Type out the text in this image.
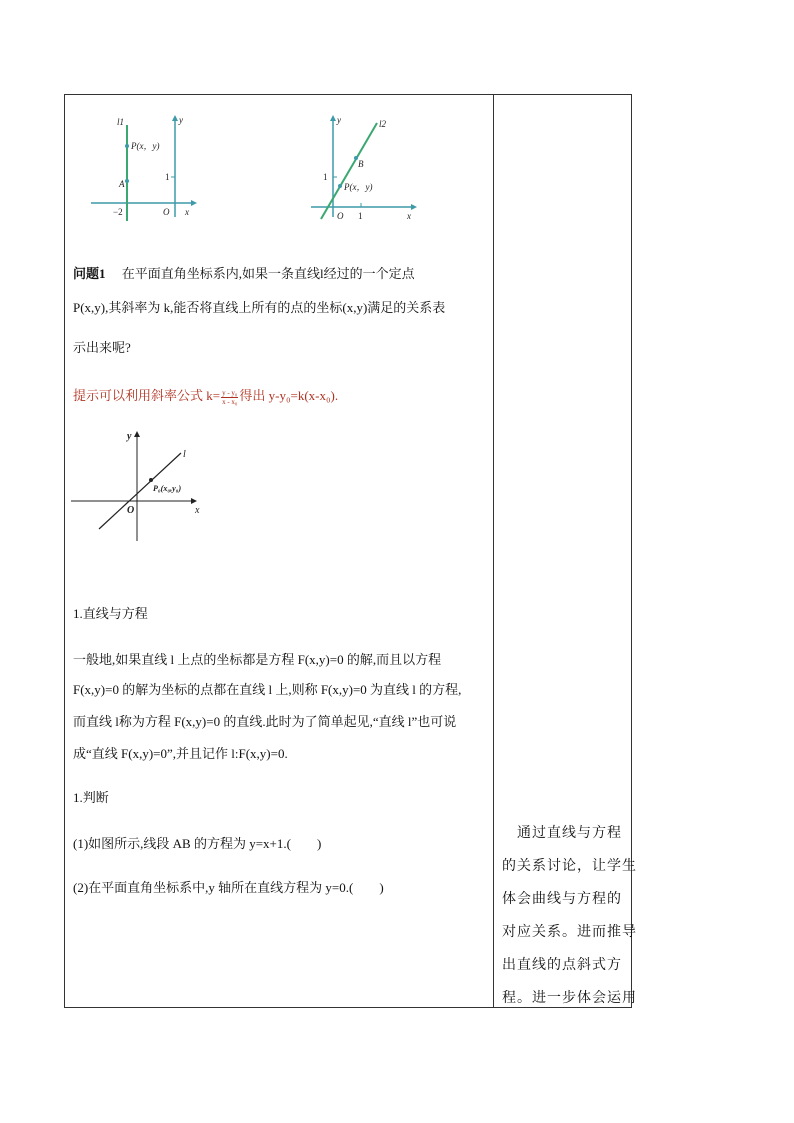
l1
P(x，y)
A
1
−2	O x
y	l2
B
P(x，y)
1
1
O	x
y
问题1　 在平面直角坐标系内,如果一条直线l经过的一个定点
P(x,y),其斜率为 k,能否将直线上所有的点的坐标(x,y)满足的关系表
示出来呢?
提示可以利用斜率公式 $k= \frac{\text{y - y₀}}{\text{x - x₀}}$ 得出 y-y₀=k(x-x₀).
l
P₀(x₀,y₀)
O	x
y
1.直线与方程
一般地,如果直线 l 上点的坐标都是方程 F(x,y)=0 的解,而且以方程
F(x,y)=0 的解为坐标的点都在直线 l 上,则称 F(x,y)=0 为直线 l 的方程,
而直线 l称为方程 F(x,y)=0 的直线.此时为了简单起见,“直线 l”也可说
成“直线 F(x,y)=0”,并且记作 l:F(x,y)=0.
1.判断
(1)如图所示,线段 AB 的方程为 y=x+1.(　　)
(2)在平面直角坐标系中,y 轴所在直线方程为 y=0.(　　)
　通过直线与方程
的关系讨论，让学生
体会曲线与方程的
对应关系。进而推导
出直线的点斜式方
程。进一步体会运用
